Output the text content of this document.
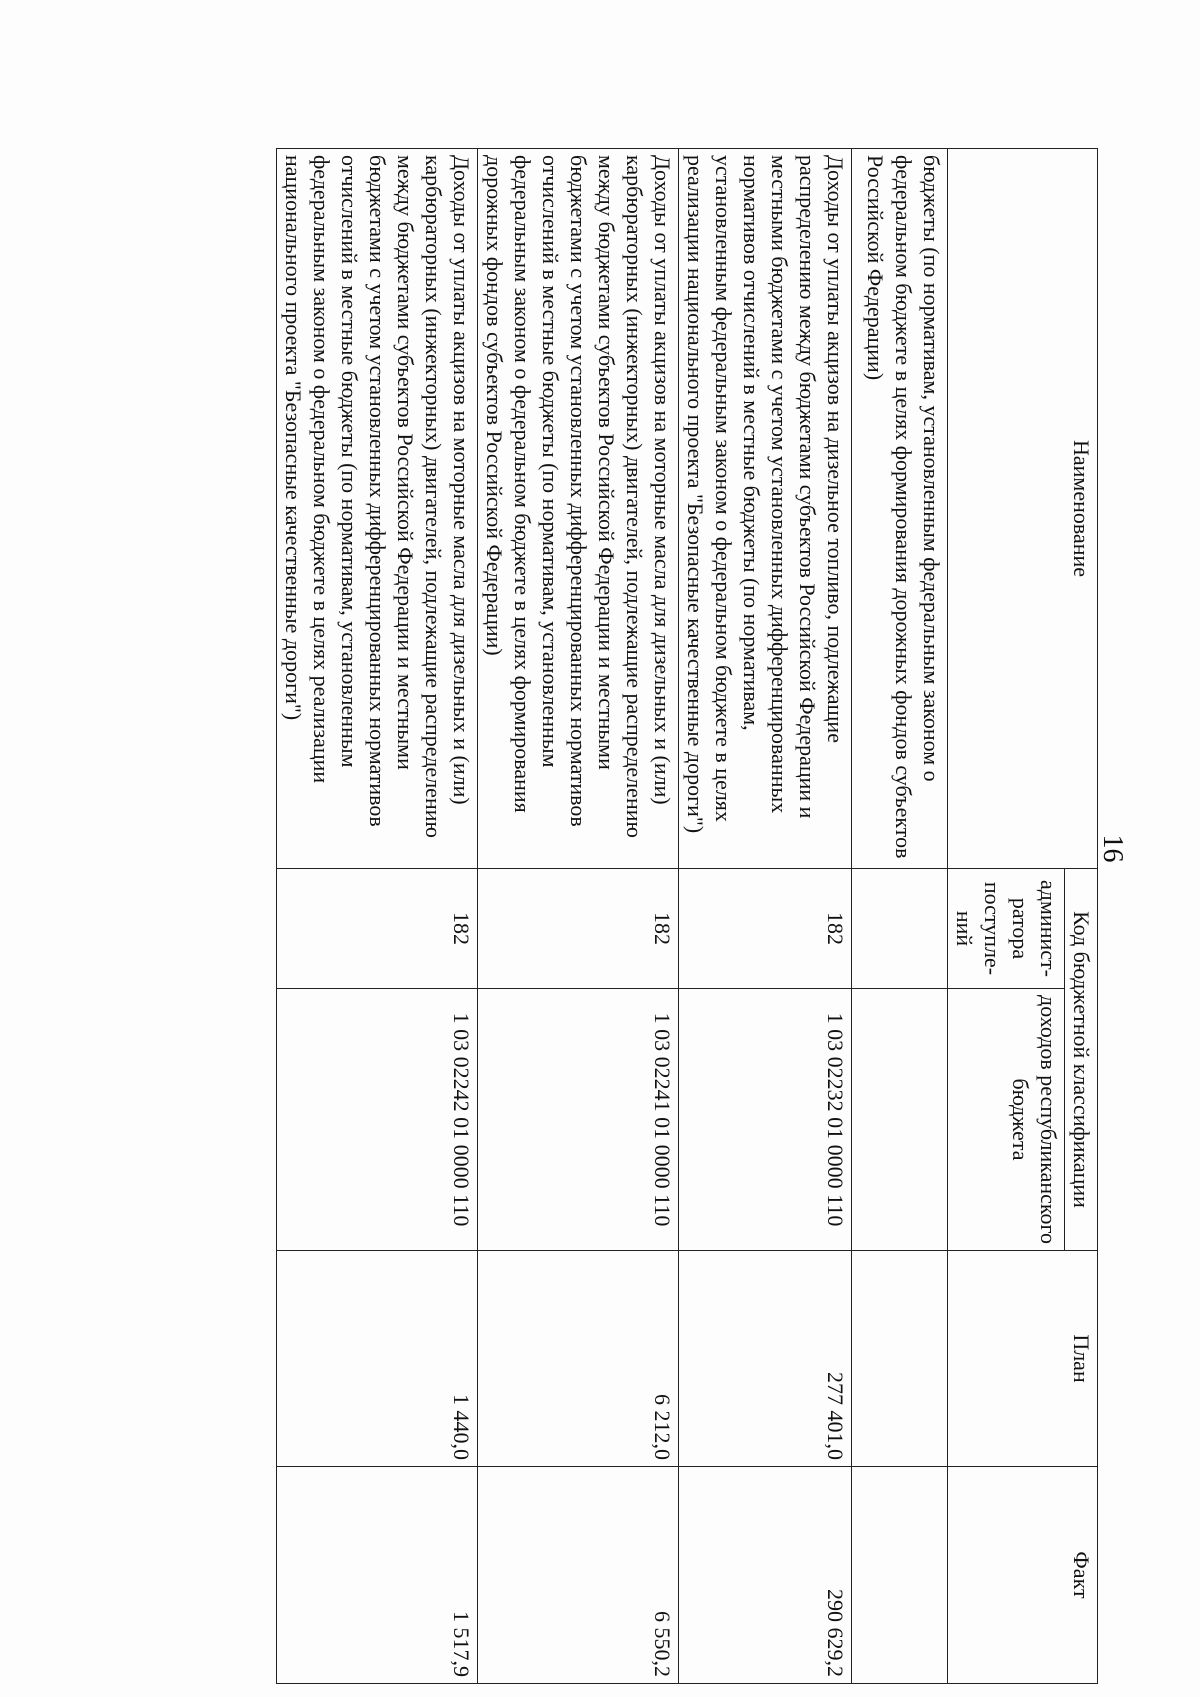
16
Наименование	Код бюджетной классификации		План	Факт
	админист-ратора поступле-ний	доходов республиканского бюджета		
бюджеты (по нормативам, установленным федеральным законом о федеральном бюджете в целях формирования дорожных фондов субъектов Российской Федерации)				
Доходы от уплаты акцизов на дизельное топливо, подлежащие распределению между бюджетами субъектов Российской Федерации и местными бюджетами с учетом установленных дифференцированных нормативов отчислений в местные бюджеты (по нормативам, установленным федеральным законом о федеральном бюджете в целях реализации национального проекта "Безопасные качественные дороги")	182	1 03 02232 01 0000 110	277 401,0	290 629,2
Доходы от уплаты акцизов на моторные масла для дизельных и (или) карбюраторных (инжекторных) двигателей, подлежащие распределению между бюджетами субъектов Российской Федерации и местными бюджетами с учетом установленных дифференцированных нормативов отчислений в местные бюджеты (по нормативам, установленным федеральным законом о федеральном бюджете в целях формирования дорожных фондов субъектов Российской Федерации)	182	1 03 02241 01 0000 110	6 212,0	6 550,2
Доходы от уплаты акцизов на моторные масла для дизельных и (или) карбюраторных (инжекторных) двигателей, подлежащие распределению между бюджетами субъектов Российской Федерации и местными бюджетами с учетом установленных дифференцированных нормативов отчислений в местные бюджеты (по нормативам, установленным федеральным законом о федеральном бюджете в целях реализации национального проекта "Безопасные качественные дороги")	182	1 03 02242 01 0000 110	1 440,0	1 517,9
